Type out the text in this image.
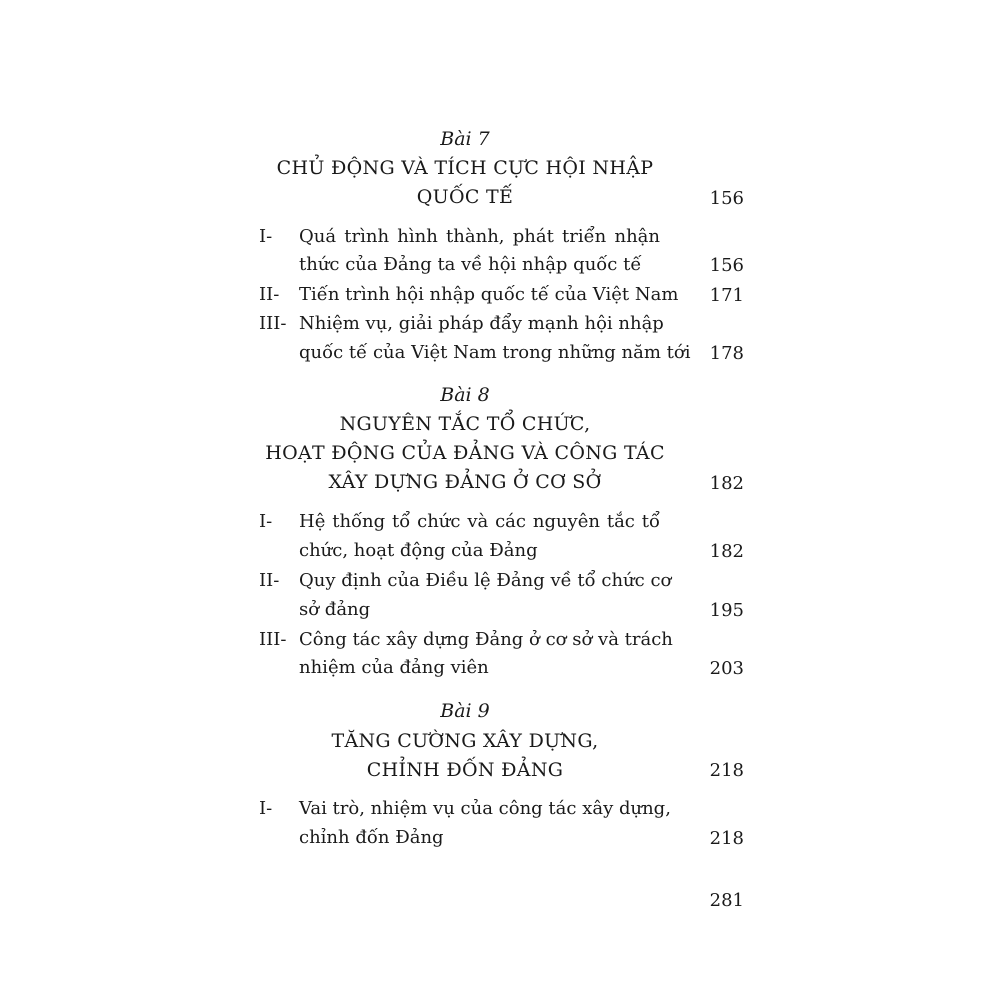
Bài 7
CHỦ ĐỘNG VÀ TÍCH CỰC HỘI NHẬP
QUỐC TẾ	156
I- Quá trình hình thành, phát triển nhận
thức của Đảng ta về hội nhập quốc tế	156
II- Tiến trình hội nhập quốc tế của Việt Nam	171
III- Nhiệm vụ, giải pháp đẩy mạnh hội nhập
quốc tế của Việt Nam trong những năm tới	178
Bài 8
NGUYÊN TẮC TỔ CHỨC,
HOẠT ĐỘNG CỦA ĐẢNG VÀ CÔNG TÁC
XÂY DỰNG ĐẢNG Ở CƠ SỞ	182
I- Hệ thống tổ chức và các nguyên tắc tổ
chức, hoạt động của Đảng	182
II- Quy định của Điều lệ Đảng về tổ chức cơ
sở đảng	195
III- Công tác xây dựng Đảng ở cơ sở và trách
nhiệm của đảng viên	203
Bài 9
TĂNG CƯỜNG XÂY DỰNG,
CHỈNH ĐỐN ĐẢNG	218
I- Vai trò, nhiệm vụ của công tác xây dựng,
chỉnh đốn Đảng	218
281
